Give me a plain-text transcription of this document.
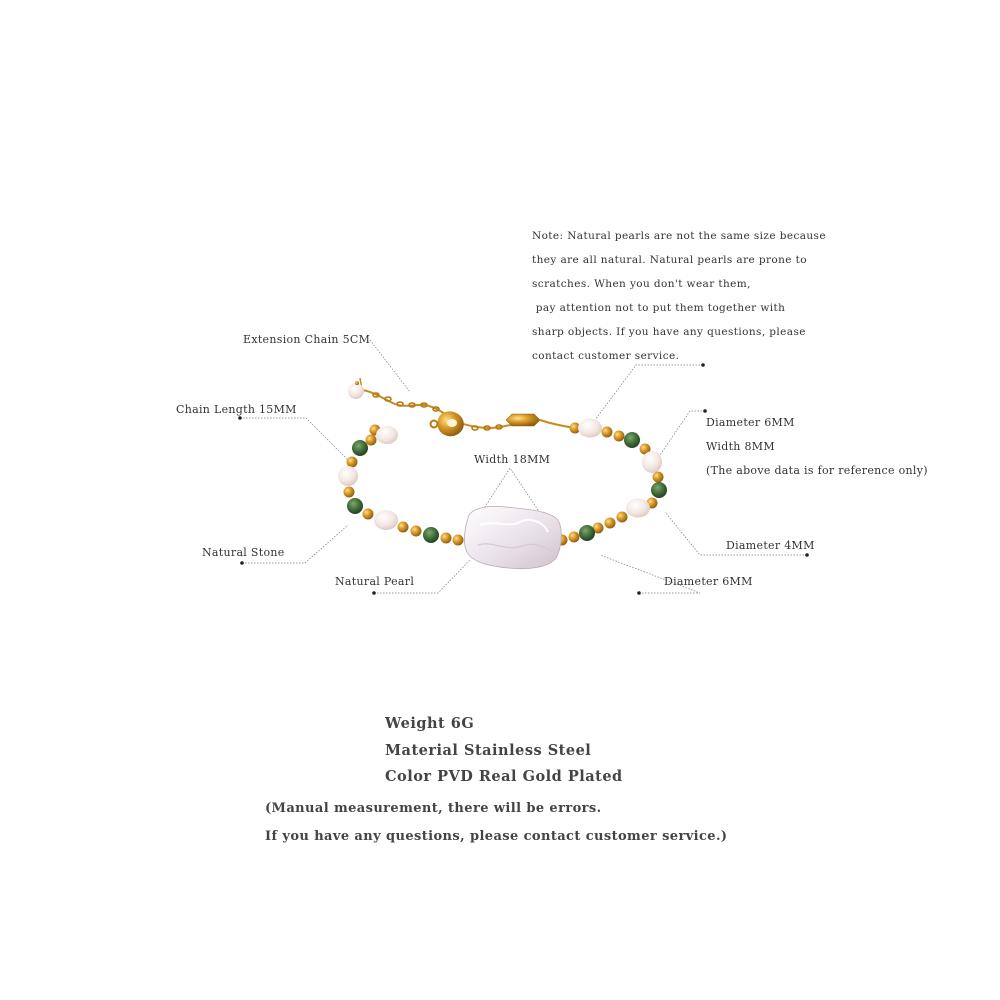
Extension Chain 5CM
Chain Length 15MM
Width 18MM
Natural Stone
Natural Pearl
Diameter 6MM
Width 8MM
(The above data is for reference only)
Diameter 4MM
Diameter 6MM
Note: Natural pearls are not the same size because
they are all natural. Natural pearls are prone to
scratches. When you don't wear them,
pay attention not to put them together with
sharp objects. If you have any questions, please
contact customer service.
Weight 6G
Material Stainless Steel
Color PVD Real Gold Plated
(Manual measurement, there will be errors.
If you have any questions, please contact customer service.)
